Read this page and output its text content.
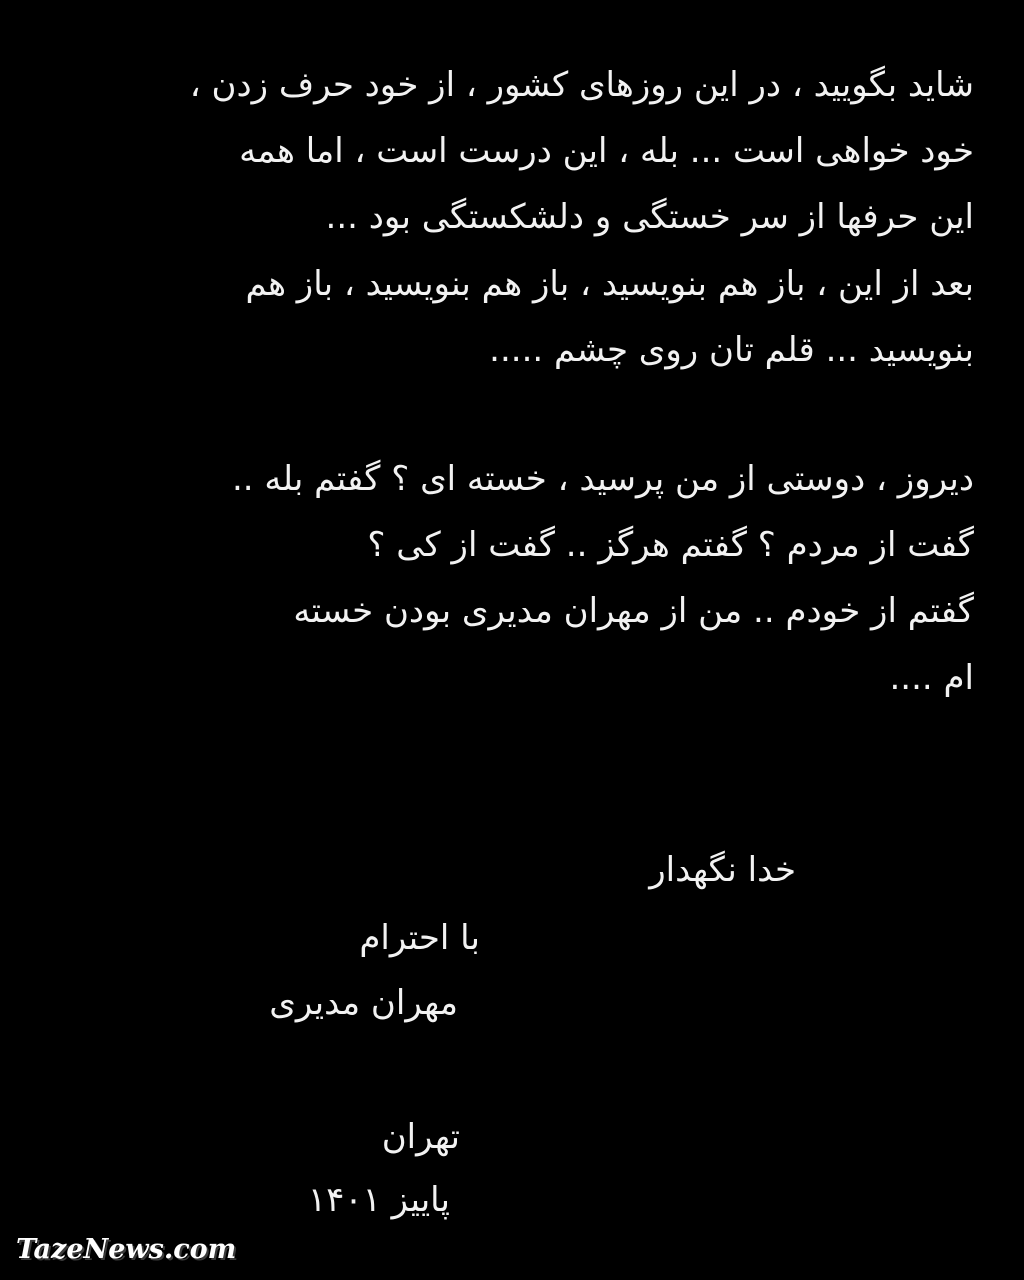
شاید بگویید ، در این روزهای کشور ، از خود حرف زدن ،
خود خواهی است ... بله ، این درست است ، اما همه
این حرفها از سر خستگی و دلشکستگی بود ...
بعد از این ، باز هم بنویسید ، باز هم بنویسید ، باز هم
بنویسید ... قلم تان روی چشم .....
دیروز ، دوستی از من پرسید ، خسته ای ؟ گفتم بله ..
گفت از مردم ؟ گفتم هرگز .. گفت از کی ؟
گفتم از خودم .. من از مهران مدیری بودن خسته
ام ....
خدا نگهدار
با احترام
مهران مدیری
تهران
پاییز ۱۴۰۱
TazeNews.com
